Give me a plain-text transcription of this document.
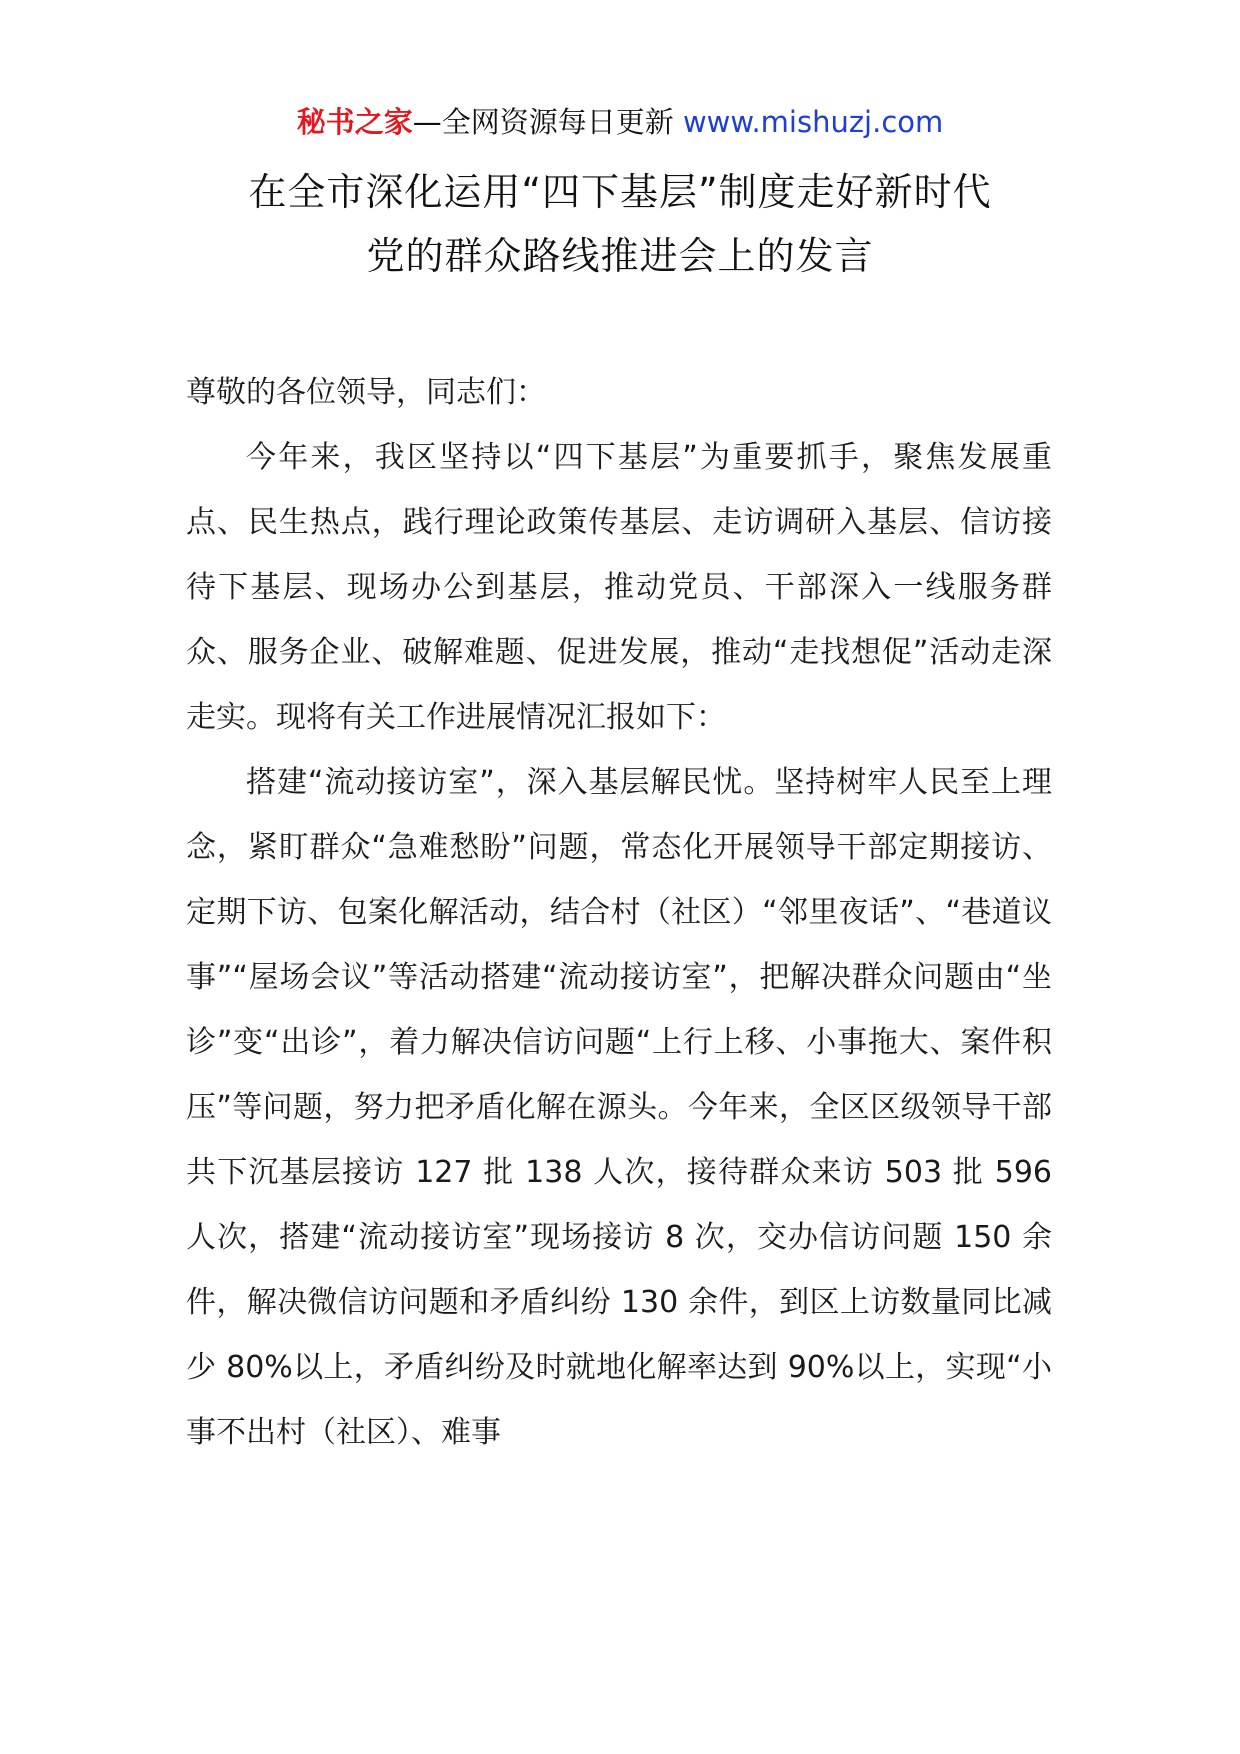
秘书之家—全网资源每日更新 www.mishuzj.com
在全市深化运用“四下基层”制度走好新时代
党的群众路线推进会上的发言

尊敬的各位领导，同志们：

今年来，我区坚持以“四下基层”为重要抓手，聚焦发展重点、民生热点，践行理论政策传基层、走访调研入基层、信访接待下基层、现场办公到基层，推动党员、干部深入一线服务群众、服务企业、破解难题、促进发展，推动“走找想促”活动走深走实。现将有关工作进展情况汇报如下：

搭建“流动接访室”，深入基层解民忧。坚持树牢人民至上理念，紧盯群众“急难愁盼”问题，常态化开展领导干部定期接访、定期下访、包案化解活动，结合村（社区）“邻里夜话”、“巷道议事”“屋场会议”等活动搭建“流动接访室”，把解决群众问题由“坐诊”变“出诊”，着力解决信访问题“上行上移、小事拖大、案件积压”等问题，努力把矛盾化解在源头。今年来，全区区级领导干部共下沉基层接访 127 批 138 人次，接待群众来访 503 批 596 人次，搭建“流动接访室”现场接访 8 次，交办信访问题 150 余件，解决微信访问题和矛盾纠纷 130 余件，到区上访数量同比减少 80%以上，矛盾纠纷及时就地化解率达到 90%以上，实现“小事不出村（社区）、难事
